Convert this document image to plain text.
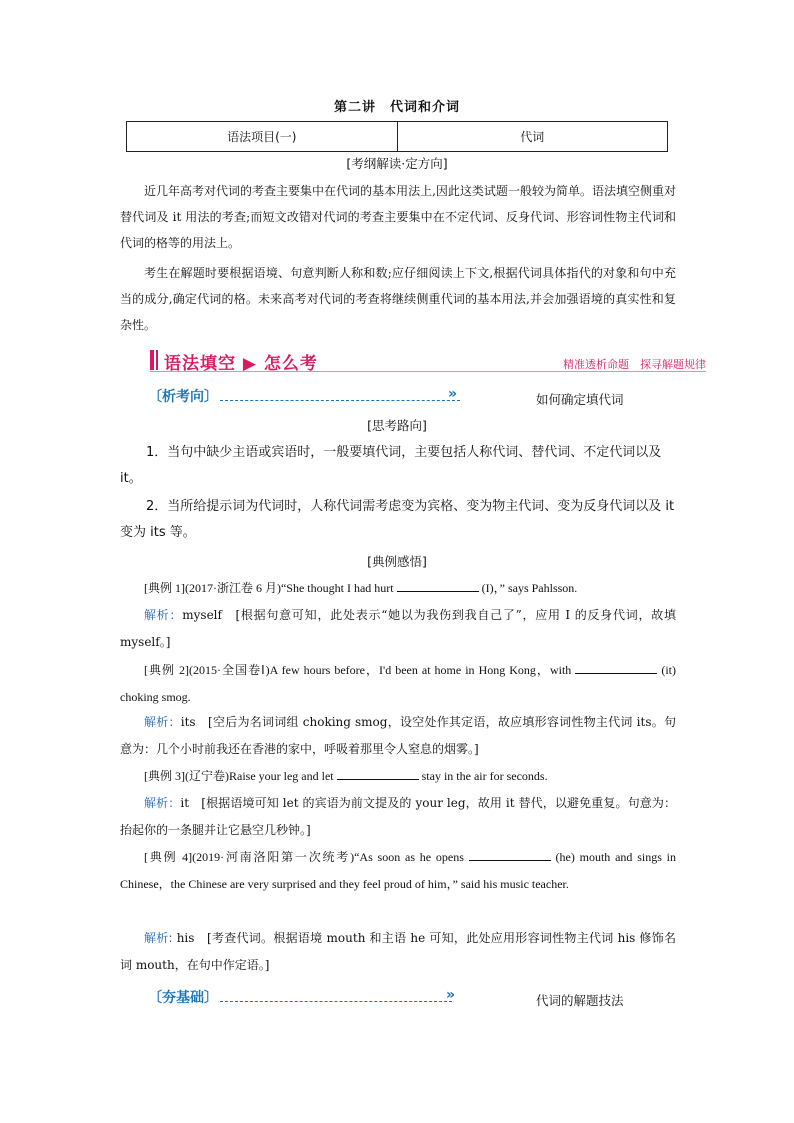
第二讲　代词和介词
语法项目(一)	代词
[考纲解读·定方向]
近几年高考对代词的考查主要集中在代词的基本用法上,因此这类试题一般较为简单。语法填空侧重对替代词及 it 用法的考查;而短文改错对代词的考查主要集中在不定代词、反身代词、形容词性物主代词和代词的格等的用法上。
考生在解题时要根据语境、句意判断人称和数;应仔细阅读上下文,根据代词具体指代的对象和句中充当的成分,确定代词的格。未来高考对代词的考查将继续侧重代词的基本用法,并会加强语境的真实性和复杂性。
语法填空 ▶ 怎么考	精准透析命题　探寻解题规律
〔析考向〕	»	如何确定填代词
[思考路向]
1．当句中缺少主语或宾语时，一般要填代词，主要包括人称代词、替代词、不定代词以及 it。
2．当所给提示词为代词时，人称代词需考虑变为宾格、变为物主代词、变为反身代词以及 it 变为 its 等。
[典例感悟]
[典例 1](2017·浙江卷 6 月)“She thought I had hurt	(I)，” says Pahlsson.
解析：myself　[根据句意可知，此处表示“她以为我伤到我自己了”，应用 I 的反身代词，故填 myself。]
[典例 2](2015·全国卷Ⅰ)A few hours before，I'd been at home in Hong Kong，with	(it) choking smog.
解析：its　[空后为名词词组 choking smog，设空处作其定语，故应填形容词性物主代词 its。句意为：几个小时前我还在香港的家中，呼吸着那里令人窒息的烟雾。]
[典例 3](辽宁卷)Raise your leg and let	stay in the air for seconds.
解析：it　[根据语境可知 let 的宾语为前文提及的 your leg，故用 it 替代，以避免重复。句意为：抬起你的一条腿并让它悬空几秒钟。]
[典例 4](2019·河南洛阳第一次统考)“As soon as he opens	(he) mouth and sings in Chinese，the Chinese are very surprised and they feel proud of him，” said his music teacher.
解析: his　[考查代词。根据语境 mouth 和主语 he 可知，此处应用形容词性物主代词 his 修饰名词 mouth，在句中作定语。]
〔夯基础〕	»	代词的解题技法
